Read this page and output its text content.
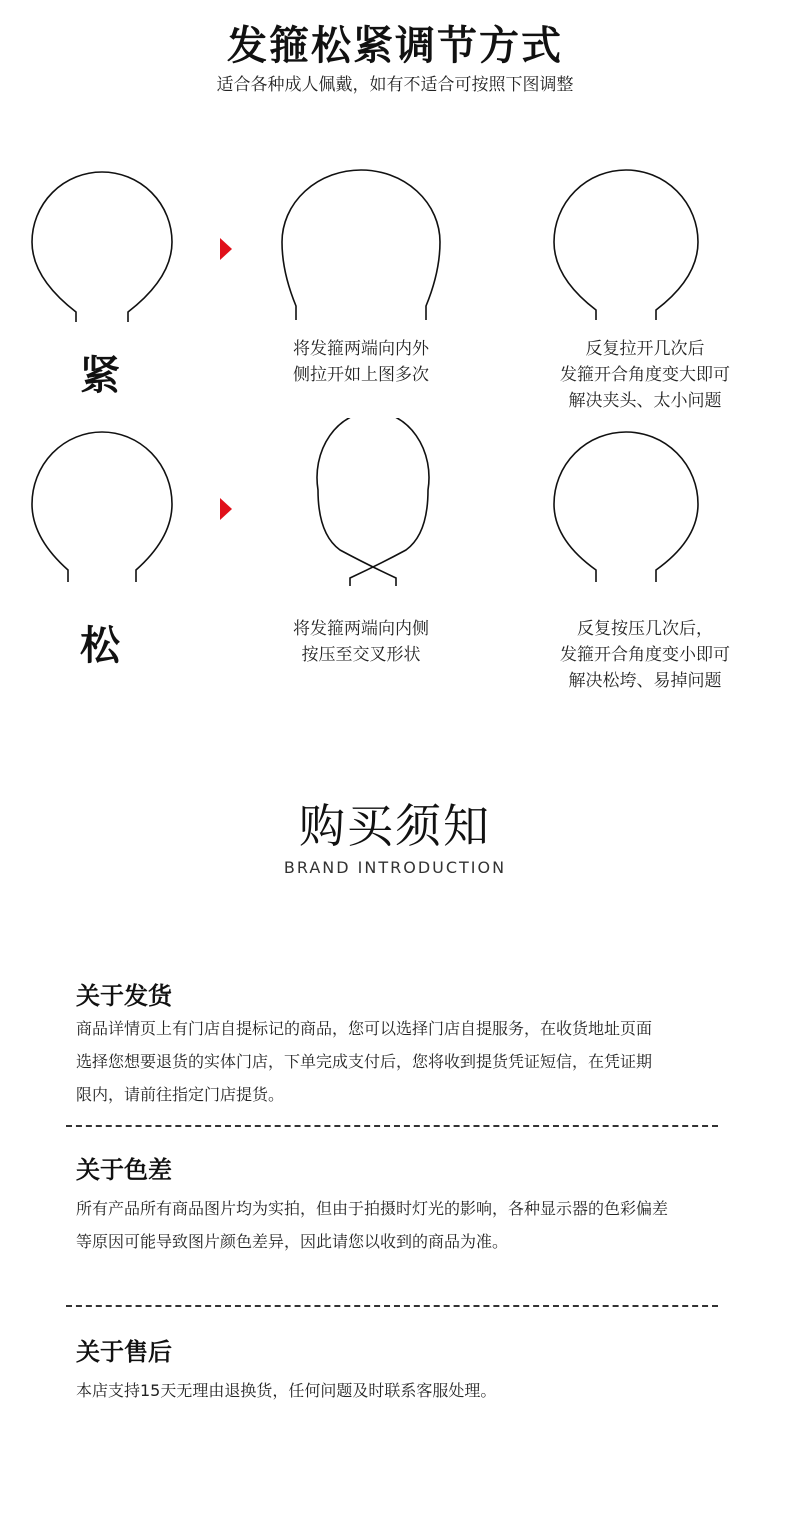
发箍松紧调节方式
适合各种成人佩戴，如有不适合可按照下图调整
紧
将发箍两端向内外
侧拉开如上图多次
反复拉开几次后
发箍开合角度变大即可
解决夹头、太小问题
松	将发箍两端向内侧
按压至交叉形状
反复按压几次后，
发箍开合角度变小即可
解决松垮、易掉问题
购买须知
BRAND INTRODUCTION
关于发货
商品详情页上有门店自提标记的商品，您可以选择门店自提服务，在收货地址页面
选择您想要退货的实体门店，下单完成支付后，您将收到提货凭证短信，在凭证期
限内，请前往指定门店提货。
关于色差
所有产品所有商品图片均为实拍，但由于拍摄时灯光的影响，各种显示器的色彩偏差
等原因可能导致图片颜色差异，因此请您以收到的商品为准。
关于售后
本店支持15天无理由退换货，任何问题及时联系客服处理。
